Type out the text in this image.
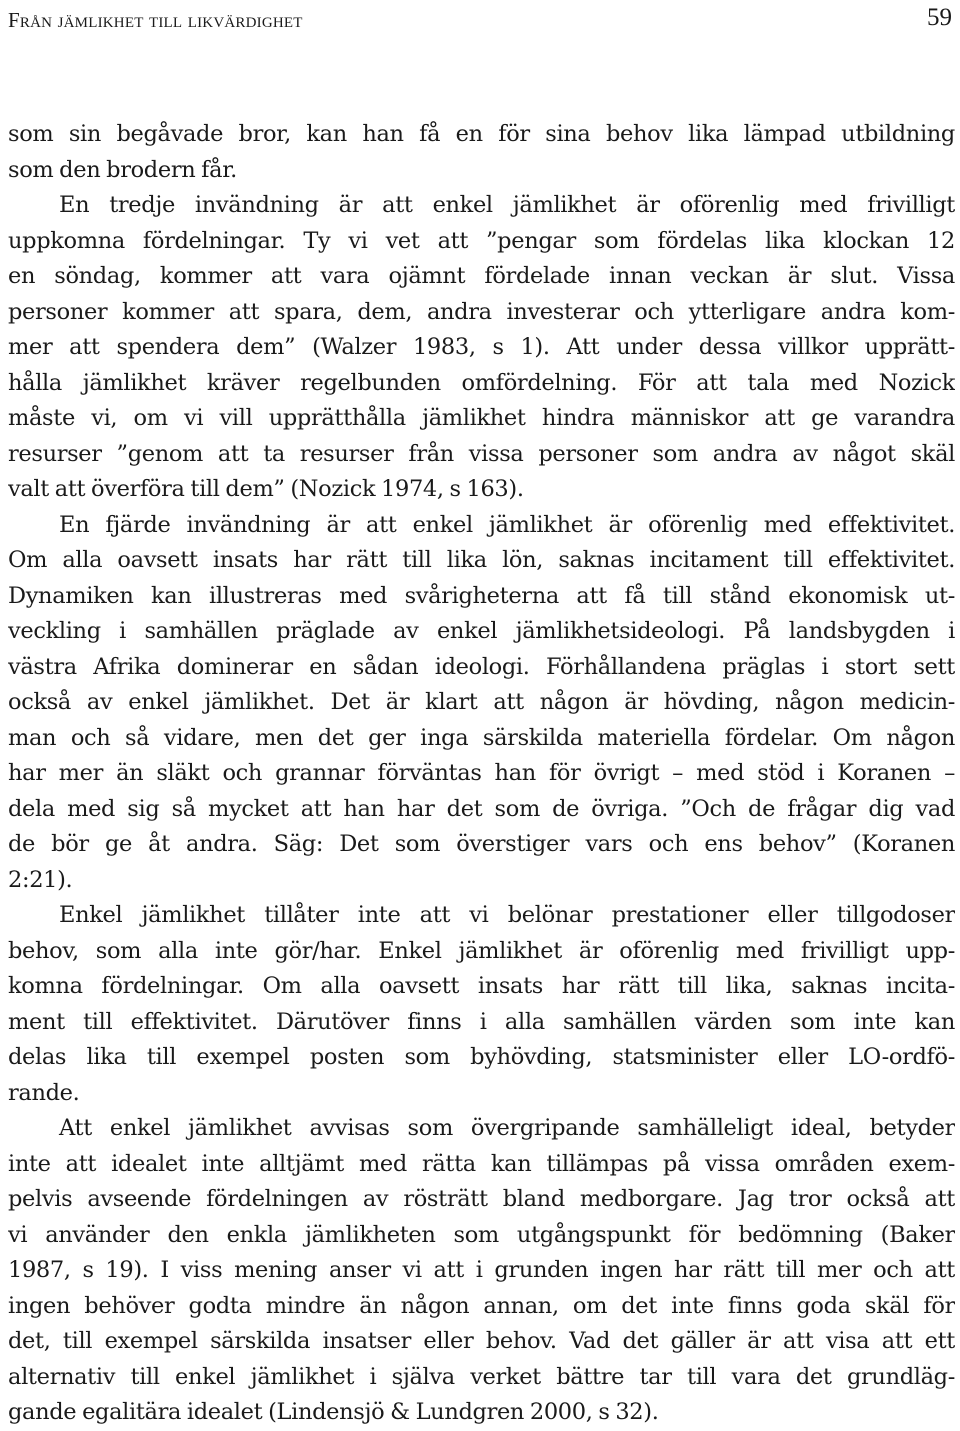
Från jämlikhet till likvärdighet	59
som sin begåvade bror, kan han få en för sina behov lika lämpad utbildning
som den brodern får.
En tredje invändning är att enkel jämlikhet är oförenlig med frivilligt
uppkomna fördelningar. Ty vi vet att ”pengar som fördelas lika klockan 12
en söndag, kommer att vara ojämnt fördelade innan veckan är slut. Vissa
personer kommer att spara, dem, andra investerar och ytterligare andra kom-
mer att spendera dem” (Walzer 1983, s 1). Att under dessa villkor upprätt-
hålla jämlikhet kräver regelbunden omfördelning. För att tala med Nozick
måste vi, om vi vill upprätthålla jämlikhet hindra människor att ge varandra
resurser ”genom att ta resurser från vissa personer som andra av något skäl
valt att överföra till dem” (Nozick 1974, s 163).
En fjärde invändning är att enkel jämlikhet är oförenlig med effektivitet.
Om alla oavsett insats har rätt till lika lön, saknas incitament till effektivitet.
Dynamiken kan illustreras med svårigheterna att få till stånd ekonomisk ut-
veckling i samhällen präglade av enkel jämlikhetsideologi. På landsbygden i
västra Afrika dominerar en sådan ideologi. Förhållandena präglas i stort sett
också av enkel jämlikhet. Det är klart att någon är hövding, någon medicin-
man och så vidare, men det ger inga särskilda materiella fördelar. Om någon
har mer än släkt och grannar förväntas han för övrigt – med stöd i Koranen –
dela med sig så mycket att han har det som de övriga. ”Och de frågar dig vad
de bör ge åt andra. Säg: Det som överstiger vars och ens behov” (Koranen
2:21).
Enkel jämlikhet tillåter inte att vi belönar prestationer eller tillgodoser
behov, som alla inte gör/har. Enkel jämlikhet är oförenlig med frivilligt upp-
komna fördelningar. Om alla oavsett insats har rätt till lika, saknas incita-
ment till effektivitet. Därutöver finns i alla samhällen värden som inte kan
delas lika till exempel posten som byhövding, statsminister eller LO-ordfö-
rande.
Att enkel jämlikhet avvisas som övergripande samhälleligt ideal, betyder
inte att idealet inte alltjämt med rätta kan tillämpas på vissa områden exem-
pelvis avseende fördelningen av rösträtt bland medborgare. Jag tror också att
vi använder den enkla jämlikheten som utgångspunkt för bedömning (Baker
1987, s 19). I viss mening anser vi att i grunden ingen har rätt till mer och att
ingen behöver godta mindre än någon annan, om det inte finns goda skäl för
det, till exempel särskilda insatser eller behov. Vad det gäller är att visa att ett
alternativ till enkel jämlikhet i själva verket bättre tar till vara det grundläg-
gande egalitära idealet (Lindensjö & Lundgren 2000, s 32).
